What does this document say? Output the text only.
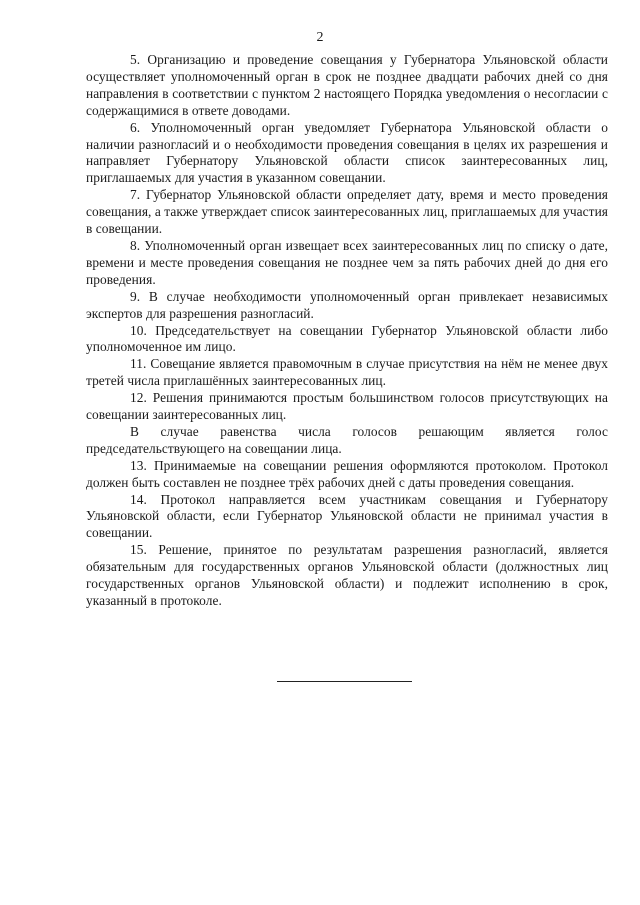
2

5. Организацию и проведение совещания у Губернатора Ульяновской области осуществляет уполномоченный орган в срок не позднее двадцати рабочих дней со дня направления в соответствии с пунктом 2 настоящего Порядка уведомления о несогласии с содержащимися в ответе доводами.

6. Уполномоченный орган уведомляет Губернатора Ульяновской области о наличии разногласий и о необходимости проведения совещания в целях их разрешения и направляет Губернатору Ульяновской области список заинтересованных лиц, приглашаемых для участия в указанном совещании.

7. Губернатор Ульяновской области определяет дату, время и место проведения совещания, а также утверждает список заинтересованных лиц, приглашаемых для участия в совещании.

8. Уполномоченный орган извещает всех заинтересованных лиц по списку о дате, времени и месте проведения совещания не позднее чем за пять рабочих дней до дня его проведения.

9. В случае необходимости уполномоченный орган привлекает независимых экспертов для разрешения разногласий.

10. Председательствует на совещании Губернатор Ульяновской области либо уполномоченное им лицо.

11. Совещание является правомочным в случае присутствия на нём не менее двух третей числа приглашённых заинтересованных лиц.

12. Решения принимаются простым большинством голосов присутствующих на совещании заинтересованных лиц.

В случае равенства числа голосов решающим является голос председательствующего на совещании лица.

13. Принимаемые на совещании решения оформляются протоколом. Протокол должен быть составлен не позднее трёх рабочих дней с даты проведения совещания.

14. Протокол направляется всем участникам совещания и Губернатору Ульяновской области, если Губернатор Ульяновской области не принимал участия в совещании.

15. Решение, принятое по результатам разрешения разногласий, является обязательным для государственных органов Ульяновской области (должностных лиц государственных органов Ульяновской области) и подлежит исполнению в срок, указанный в протоколе.
